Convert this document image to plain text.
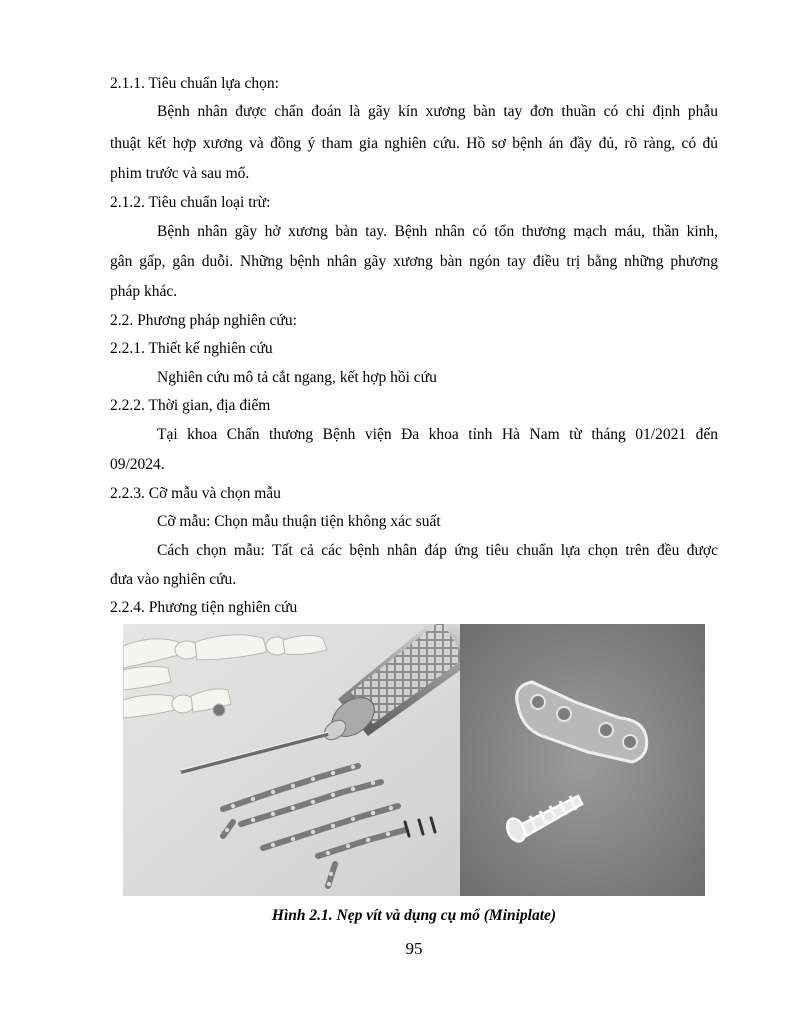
2.1.1. Tiêu chuẩn lựa chọn:
Bệnh nhân được chẩn đoán là gãy kín xương bàn tay đơn thuần có chỉ định phẫu
thuật kết hợp xương và đồng ý tham gia nghiên cứu. Hồ sơ bệnh án đầy đủ, rõ ràng, có đủ
phim trước và sau mổ.
2.1.2. Tiêu chuẩn loại trừ:
Bệnh nhân gãy hở xương bàn tay. Bệnh nhân có tổn thương mạch máu, thần kinh,
gân gấp, gân duỗi. Những bệnh nhân gãy xương bàn ngón tay điều trị bằng những phương
pháp khác.
2.2. Phương pháp nghiên cứu:
2.2.1. Thiết kế nghiên cứu
Nghiên cứu mô tả cắt ngang, kết hợp hồi cứu
2.2.2. Thời gian, địa điểm
Tại khoa Chấn thương Bệnh viện Đa khoa tỉnh Hà Nam từ tháng 01/2021 đến
09/2024.
2.2.3. Cỡ mẫu và chọn mẫu
Cỡ mẫu: Chọn mẫu thuận tiện không xác suất
Cách chọn mẫu: Tất cả các bệnh nhân đáp ứng tiêu chuẩn lựa chọn trên đều được
đưa vào nghiên cứu.
2.2.4. Phương tiện nghiên cứu
Hình 2.1. Nẹp vít và dụng cụ mổ (Miniplate)
95
